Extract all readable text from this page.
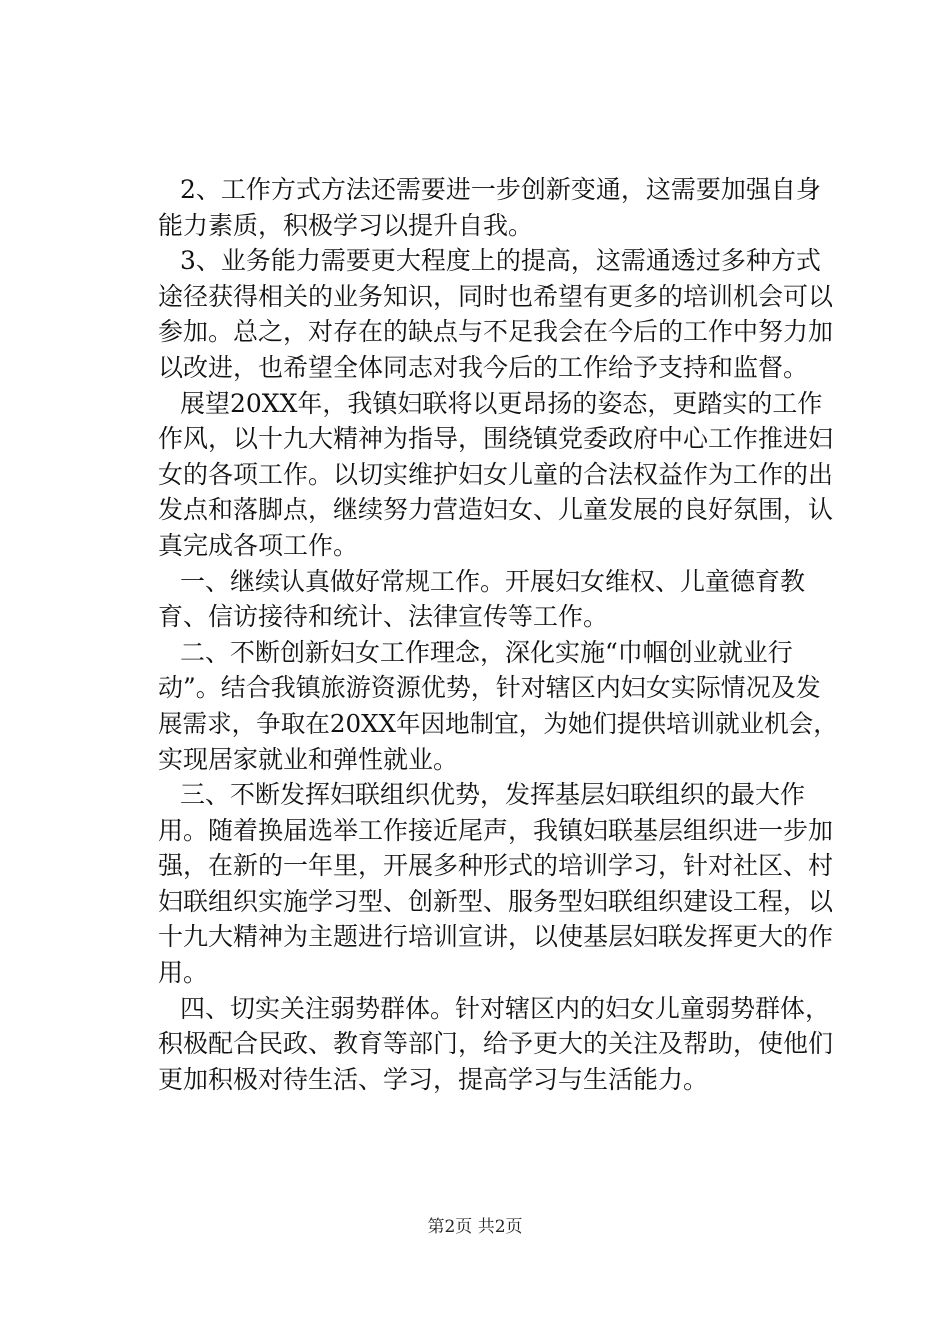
2、工作方式方法还需要进一步创新变通，这需要加强自身
能力素质，积极学习以提升自我。
3、业务能力需要更大程度上的提高，这需通透过多种方式
途径获得相关的业务知识，同时也希望有更多的培训机会可以
参加。总之，对存在的缺点与不足我会在今后的工作中努力加
以改进，也希望全体同志对我今后的工作给予支持和监督。
展望20XX年，我镇妇联将以更昂扬的姿态，更踏实的工作
作风，以十九大精神为指导，围绕镇党委政府中心工作推进妇
女的各项工作。以切实维护妇女儿童的合法权益作为工作的出
发点和落脚点，继续努力营造妇女、儿童发展的良好氛围，认
真完成各项工作。
一、继续认真做好常规工作。开展妇女维权、儿童德育教
育、信访接待和统计、法律宣传等工作。
二、不断创新妇女工作理念，深化实施“巾帼创业就业行
动”。结合我镇旅游资源优势，针对辖区内妇女实际情况及发
展需求，争取在20XX年因地制宜，为她们提供培训就业机会，
实现居家就业和弹性就业。
三、不断发挥妇联组织优势，发挥基层妇联组织的最大作
用。随着换届选举工作接近尾声，我镇妇联基层组织进一步加
强，在新的一年里，开展多种形式的培训学习，针对社区、村
妇联组织实施学习型、创新型、服务型妇联组织建设工程，以
十九大精神为主题进行培训宣讲，以使基层妇联发挥更大的作
用。
四、切实关注弱势群体。针对辖区内的妇女儿童弱势群体，
积极配合民政、教育等部门，给予更大的关注及帮助，使他们
更加积极对待生活、学习，提高学习与生活能力。
第2页 共2页
